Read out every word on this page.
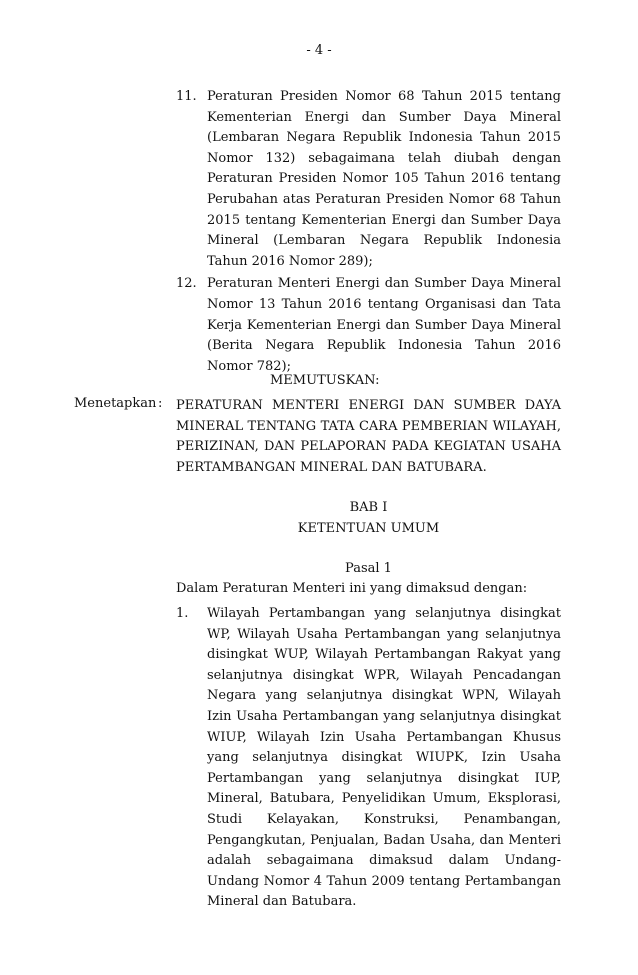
- 4 -
11. Peraturan Presiden Nomor 68 Tahun 2015 tentang Kementerian Energi dan Sumber Daya Mineral (Lembaran Negara Republik Indonesia Tahun 2015 Nomor 132) sebagaimana telah diubah dengan Peraturan Presiden Nomor 105 Tahun 2016 tentang Perubahan atas Peraturan Presiden Nomor 68 Tahun 2015 tentang Kementerian Energi dan Sumber Daya Mineral (Lembaran Negara Republik Indonesia Tahun 2016 Nomor 289);
12. Peraturan Menteri Energi dan Sumber Daya Mineral Nomor 13 Tahun 2016 tentang Organisasi dan Tata Kerja Kementerian Energi dan Sumber Daya Mineral (Berita Negara Republik Indonesia Tahun 2016 Nomor 782);
MEMUTUSKAN:
Menetapkan : PERATURAN MENTERI ENERGI DAN SUMBER DAYA MINERAL TENTANG TATA CARA PEMBERIAN WILAYAH, PERIZINAN, DAN PELAPORAN PADA KEGIATAN USAHA PERTAMBANGAN MINERAL DAN BATUBARA.
BAB I
KETENTUAN UMUM
Pasal 1
Dalam Peraturan Menteri ini yang dimaksud dengan:
1.	Wilayah Pertambangan yang selanjutnya disingkat WP, Wilayah Usaha Pertambangan yang selanjutnya disingkat WUP, Wilayah Pertambangan Rakyat yang selanjutnya disingkat WPR, Wilayah Pencadangan Negara yang selanjutnya disingkat WPN, Wilayah Izin Usaha Pertambangan yang selanjutnya disingkat WIUP, Wilayah Izin Usaha Pertambangan Khusus yang selanjutnya disingkat WIUPK, Izin Usaha Pertambangan yang selanjutnya disingkat IUP, Mineral, Batubara, Penyelidikan Umum, Eksplorasi, Studi Kelayakan, Konstruksi, Penambangan, Pengangkutan, Penjualan, Badan Usaha, dan Menteri adalah sebagaimana dimaksud dalam Undang-Undang Nomor 4 Tahun 2009 tentang Pertambangan Mineral dan Batubara.
